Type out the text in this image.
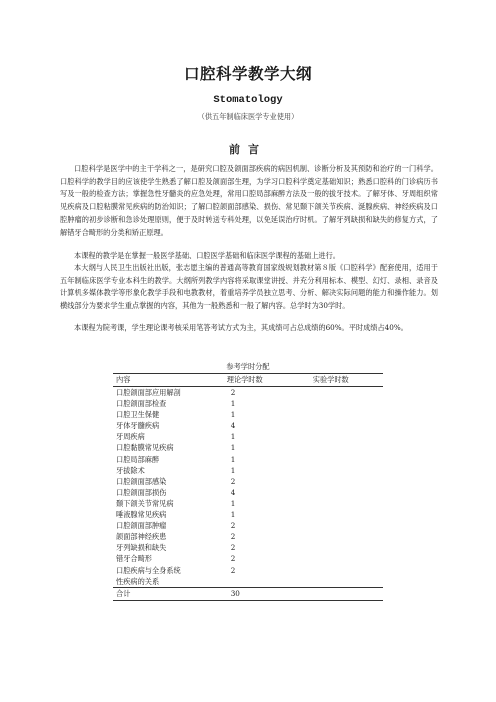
口腔科学教学大纲
Stomatology
（供五年制临床医学专业使用）
前言

口腔科学是医学中的主干学科之一，是研究口腔及颌面部疾病的病因机制、诊断分析及其预防和治疗的一门科学。口腔科学的教学目的应该使学生熟悉了解口腔及颌面部生理，为学习口腔科学奠定基础知识；熟悉口腔科的门诊病历书写及一般的检查方法；掌握急性牙髓炎的应急处理，常用口腔局部麻醉方法及一般的拔牙技术。了解牙体、牙周组织常见疾病及口腔粘膜常见疾病的防治知识；了解口腔颌面部感染、损伤、常见颞下颌关节疾病、涎腺疾病、神经疾病及口腔肿瘤的初步诊断和急诊处理原则，便于及时转送专科处理，以免延误治疗时机。了解牙列缺损和缺失的修复方式，了解错牙合畸形的分类和矫正原理。

本课程的教学是在掌握一般医学基础、口腔医学基础和临床医学课程的基础上进行。

本大纲与人民卫生出版社出版，张志愿主编的普通高等教育国家级规划教材第８版《口腔科学》配套使用，适用于五年制临床医学专业本科生的教学。大纲所列教学内容将采取课堂讲授、并充分利用标本、模型、幻灯、录相、录音及计算机多媒体教学等形象化教学手段和电教教材，着重培养学员独立思考、分析、解决实际问题的能力和操作能力。划横线部分为要求学生重点掌握的内容，其他为一般熟悉和一般了解内容。总学时为30学时。

本课程为院考课，学生理论课考核采用笔答考试方式为主，其成绩可占总成绩的60%。平时成绩占40%。

参考学时分配
内容	理论学时数	实验学时数
口腔颌面部应用解剖	2	
口腔颌面部检查	1	
口腔卫生保健	1	
牙体牙髓疾病	4	
牙周疾病	1	
口腔黏膜常见疾病	1	
口腔局部麻醉	1	
牙拔除术	1	
口腔颌面部感染	2	
口腔颌面部损伤	4	
颞下颌关节常见病	1	
唾液腺常见疾病	1	
口腔颌面部肿瘤	2	
颌面部神经疾患	2	
牙列缺损和缺失	2	
错牙合畸形	2	
口腔疾病与全身系统	2	
性疾病的关系		
合计	30	
